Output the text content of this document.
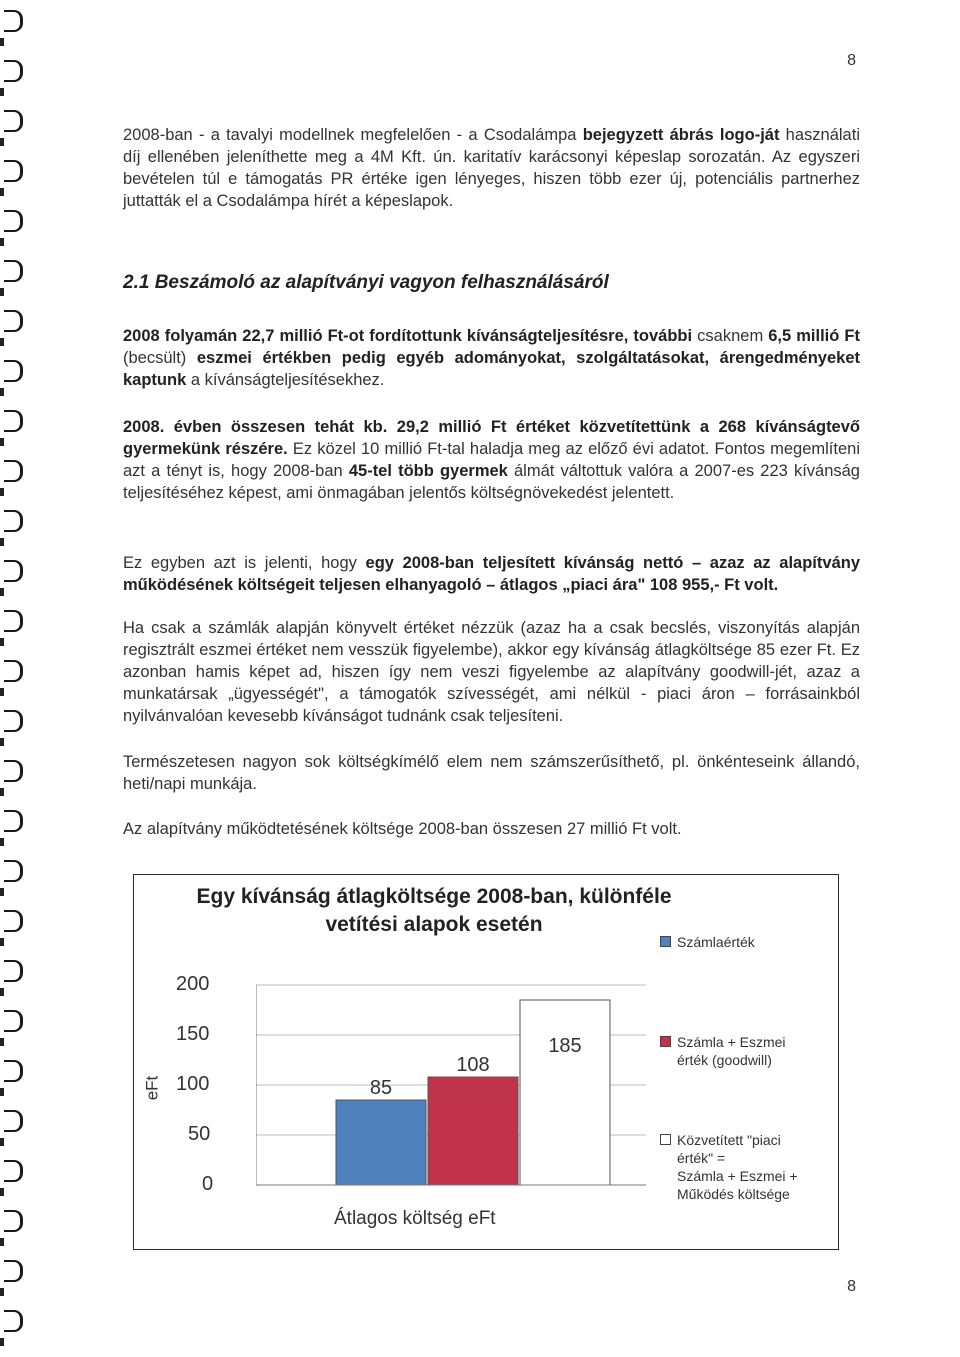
8

2008-ban - a tavalyi modellnek megfelelően - a Csodalámpa bejegyzett ábrás logo-ját használati díj ellenében jeleníthette meg a 4M Kft. ún. karitatív karácsonyi képeslap sorozatán. Az egyszeri bevételen túl e támogatás PR értéke igen lényeges, hiszen több ezer új, potenciális partnerhez juttatták el a Csodalámpa hírét a képeslapok.

2.1 Beszámoló az alapítványi vagyon felhasználásáról

2008 folyamán 22,7 millió Ft-ot fordítottunk kívánságteljesítésre, további csaknem 6,5 millió Ft (becsült) eszmei értékben pedig egyéb adományokat, szolgáltatásokat, árengedményeket kaptunk a kívánságteljesítésekhez.

2008. évben összesen tehát kb. 29,2 millió Ft értéket közvetítettünk a 268 kívánságtevő gyermekünk részére. Ez közel 10 millió Ft-tal haladja meg az előző évi adatot. Fontos megemlíteni azt a tényt is, hogy 2008-ban 45-tel több gyermek álmát váltottuk valóra a 2007-es 223 kívánság teljesítéséhez képest, ami önmagában jelentős költségnövekedést jelentett.

Ez egyben azt is jelenti, hogy egy 2008-ban teljesített kívánság nettó – azaz az alapítvány működésének költségeit teljesen elhanyagoló – átlagos „piaci ára" 108 955,- Ft volt.

Ha csak a számlák alapján könyvelt értéket nézzük (azaz ha a csak becslés, viszonyítás alapján regisztrált eszmei értéket nem vesszük figyelembe), akkor egy kívánság átlagköltsége 85 ezer Ft. Ez azonban hamis képet ad, hiszen így nem veszi figyelembe az alapítvány goodwill-jét, azaz a munkatársak „ügyességét", a támogatók szívességét, ami nélkül - piaci áron – forrásainkból nyilvánvalóan kevesebb kívánságot tudnánk csak teljesíteni.

Természetesen nagyon sok költségkímélő elem nem számszerűsíthető, pl. önkénteseink állandó, heti/napi munkája.

Az alapítvány működtetésének költsége 2008-ban összesen 27 millió Ft volt.

Egy kívánság átlagköltsége 2008-ban, különféle
vetítési alapok esetén
eFt
200
150
100
50
0
85
108
185
Átlagos költség eFt
Számlaérték
Számla + Eszmei
érték (goodwill)
Közvetített "piaci
érték" =
Számla + Eszmei +
Működés költsége
8
